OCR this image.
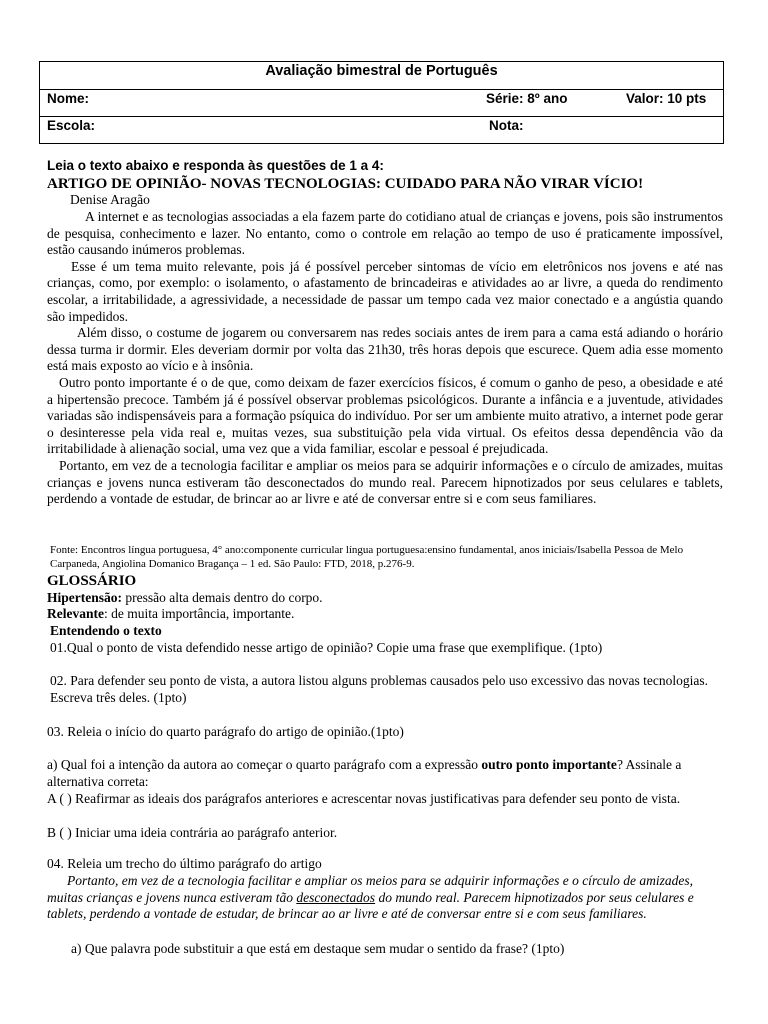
Avaliação bimestral de Português
Nome:	Série: 8º ano	Valor: 10 pts
Escola:	Nota:
Leia o texto abaixo e responda às questões de 1 a 4:
ARTIGO DE OPINIÃO- NOVAS TECNOLOGIAS: CUIDADO PARA NÃO VIRAR VÍCIO!
Denise Aragão

A internet e as tecnologias associadas a ela fazem parte do cotidiano atual de crianças e jovens, pois são instrumentos de pesquisa, conhecimento e lazer. No entanto, como o controle em relação ao tempo de uso é praticamente impossível, estão causando inúmeros problemas.

Esse é um tema muito relevante, pois já é possível perceber sintomas de vício em eletrônicos nos jovens e até nas crianças, como, por exemplo: o isolamento, o afastamento de brincadeiras e atividades ao ar livre, a queda do rendimento escolar, a irritabilidade, a agressividade, a necessidade de passar um tempo cada vez maior conectado e a angústia quando são impedidos.

Além disso, o costume de jogarem ou conversarem nas redes sociais antes de irem para a cama está adiando o horário dessa turma ir dormir. Eles deveriam dormir por volta das 21h30, três horas depois que escurece. Quem adia esse momento está mais exposto ao vício e à insônia.

Outro ponto importante é o de que, como deixam de fazer exercícios físicos, é comum o ganho de peso, a obesidade e até a hipertensão precoce. Também já é possível observar problemas psicológicos. Durante a infância e a juventude, atividades variadas são indispensáveis para a formação psíquica do indivíduo. Por ser um ambiente muito atrativo, a internet pode gerar o desinteresse pela vida real e, muitas vezes, sua substituição pela vida virtual. Os efeitos dessa dependência vão da irritabilidade à alienação social, uma vez que a vida familiar, escolar e pessoal é prejudicada.

Portanto, em vez de a tecnologia facilitar e ampliar os meios para se adquirir informações e o círculo de amizades, muitas crianças e jovens nunca estiveram tão desconectados do mundo real. Parecem hipnotizados por seus celulares e tablets, perdendo a vontade de estudar, de brincar ao ar livre e até de conversar entre si e com seus familiares.

Fonte: Encontros língua portuguesa, 4° ano:componente curricular língua portuguesa:ensino fundamental, anos iniciais/Isabella Pessoa de Melo Carpaneda, Angiolina Domanico Bragança – 1 ed. São Paulo: FTD, 2018, p.276-9.
GLOSSÁRIO
Hipertensão: pressão alta demais dentro do corpo.
Relevante: de muita importância, importante.
Entendendo o texto
01.Qual o ponto de vista defendido nesse artigo de opinião? Copie uma frase que exemplifique. (1pto)
02. Para defender seu ponto de vista, a autora listou alguns problemas causados pelo uso excessivo das novas tecnologias. Escreva três deles. (1pto)
03. Releia o início do quarto parágrafo do artigo de opinião.(1pto)
a) Qual foi a intenção da autora ao começar o quarto parágrafo com a expressão outro ponto importante? Assinale a alternativa correta:
A ( ) Reafirmar as ideais dos parágrafos anteriores e acrescentar novas justificativas para defender seu ponto de vista.
B ( ) Iniciar uma ideia contrária ao parágrafo anterior.
04. Releia um trecho do último parágrafo do artigo

Portanto, em vez de a tecnologia facilitar e ampliar os meios para se adquirir informações e o círculo de amizades, muitas crianças e jovens nunca estiveram tão desconectados do mundo real. Parecem hipnotizados por seus celulares e tablets, perdendo a vontade de estudar, de brincar ao ar livre e até de conversar entre si e com seus familiares.

a) Que palavra pode substituir a que está em destaque sem mudar o sentido da frase? (1pto)
